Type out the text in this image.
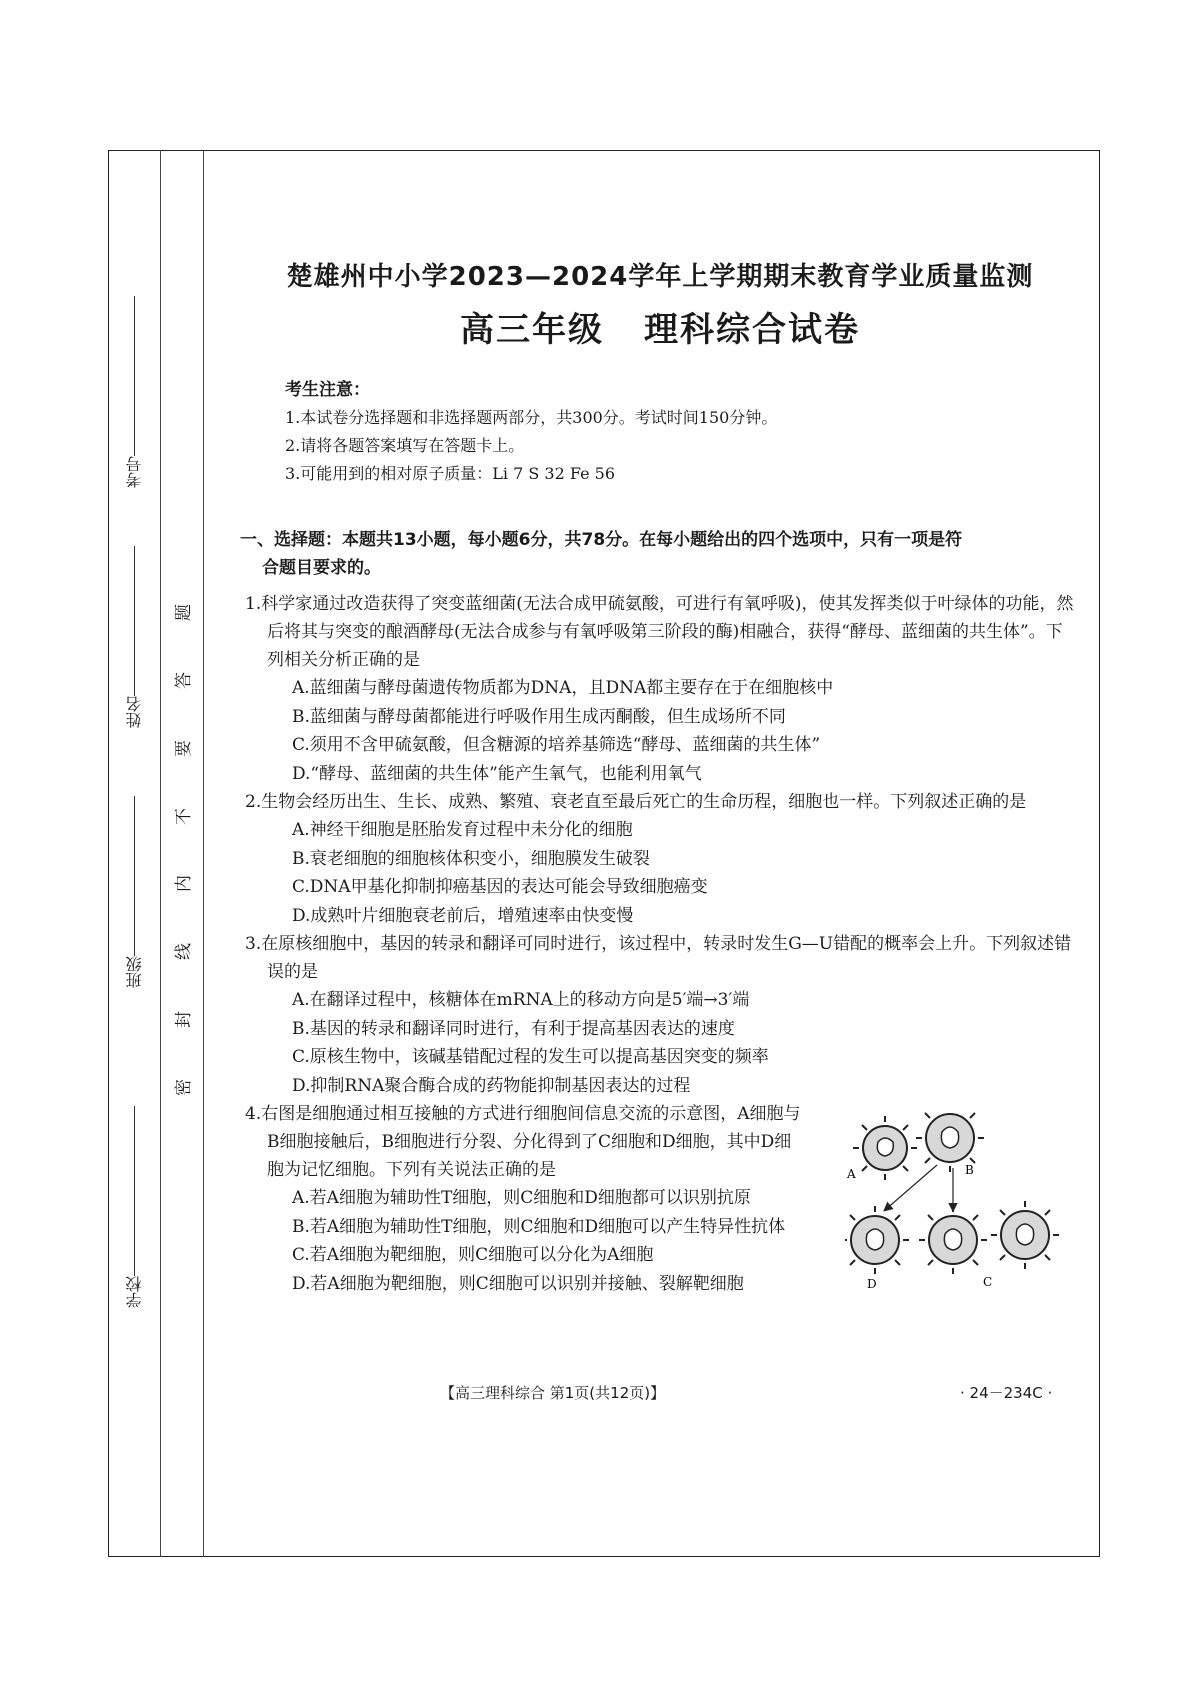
考号
姓名
班级
学校
题
答
要
不
内
线
封
密
楚雄州中小学2023—2024学年上学期期末教育学业质量监测
高三年级 理科综合试卷
考生注意：
1.本试卷分选择题和非选择题两部分，共300分。考试时间150分钟。
2.请将各题答案填写在答题卡上。
3.可能用到的相对原子质量：Li 7 S 32 Fe 56
一、选择题：本题共13小题，每小题6分，共78分。在每小题给出的四个选项中，只有一项是符
合题目要求的。
1.科学家通过改造获得了突变蓝细菌(无法合成甲硫氨酸，可进行有氧呼吸)，使其发挥类似于叶绿体的功能，然后将其与突变的酿酒酵母(无法合成参与有氧呼吸第三阶段的酶)相融合，获得“酵母、蓝细菌的共生体”。下列相关分析正确的是
A.蓝细菌与酵母菌遗传物质都为DNA，且DNA都主要存在于在细胞核中
B.蓝细菌与酵母菌都能进行呼吸作用生成丙酮酸，但生成场所不同
C.须用不含甲硫氨酸，但含糖源的培养基筛选“酵母、蓝细菌的共生体”
D.“酵母、蓝细菌的共生体”能产生氧气，也能利用氧气
2.生物会经历出生、生长、成熟、繁殖、衰老直至最后死亡的生命历程，细胞也一样。下列叙述正确的是
A.神经干细胞是胚胎发育过程中未分化的细胞
B.衰老细胞的细胞核体积变小，细胞膜发生破裂
C.DNA甲基化抑制抑癌基因的表达可能会导致细胞癌变
D.成熟叶片细胞衰老前后，增殖速率由快变慢
3.在原核细胞中，基因的转录和翻译可同时进行，该过程中，转录时发生G—U错配的概率会上升。下列叙述错误的是
A.在翻译过程中，核糖体在mRNA上的移动方向是5′端→3′端
B.基因的转录和翻译同时进行，有利于提高基因表达的速度
C.原核生物中，该碱基错配过程的发生可以提高基因突变的频率
D.抑制RNA聚合酶合成的药物能抑制基因表达的过程
4.右图是细胞通过相互接触的方式进行细胞间信息交流的示意图，A细胞与B细胞接触后，B细胞进行分裂、分化得到了C细胞和D细胞，其中D细胞为记忆细胞。下列有关说法正确的是
A.若A细胞为辅助性T细胞，则C细胞和D细胞都可以识别抗原
B.若A细胞为辅助性T细胞，则C细胞和D细胞可以产生特异性抗体
C.若A细胞为靶细胞，则C细胞可以分化为A细胞
D.若A细胞为靶细胞，则C细胞可以识别并接触、裂解靶细胞
A	B
D	C
【高三理科综合 第1页(共12页)】	· 24－234C ·
